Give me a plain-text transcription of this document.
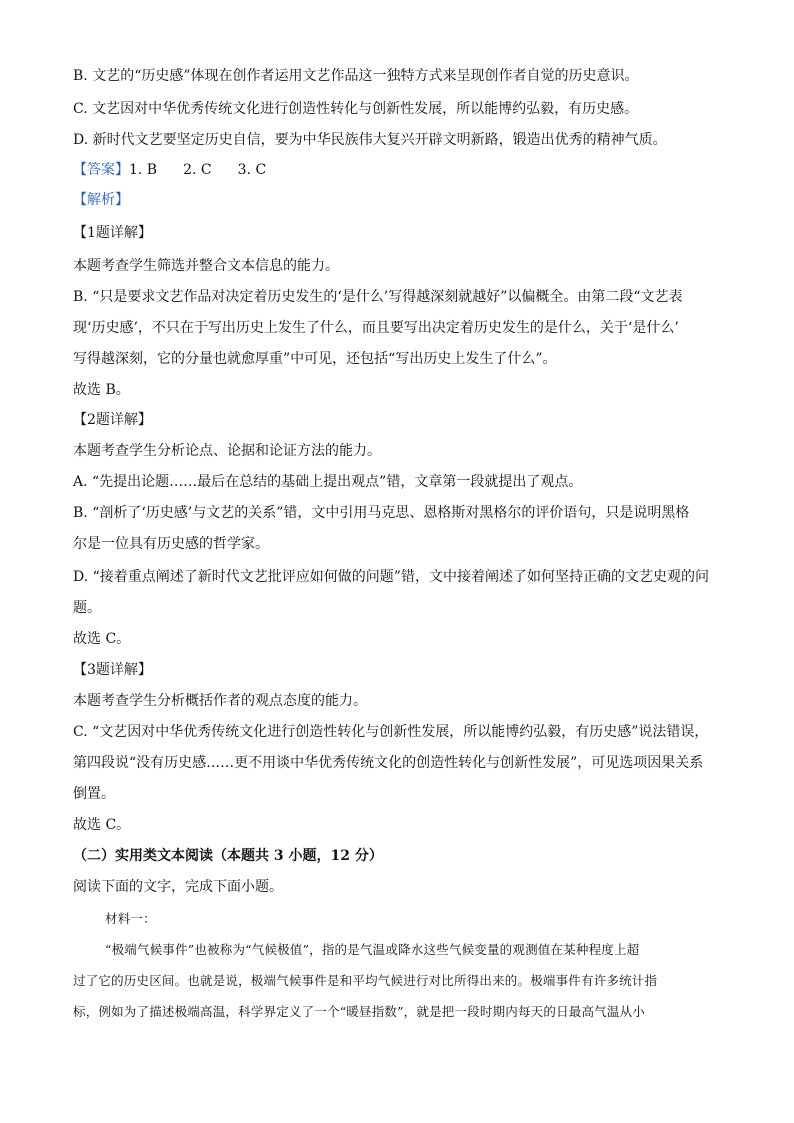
B. 文艺的“历史感”体现在创作者运用文艺作品这一独特方式来呈现创作者自觉的历史意识。
C. 文艺因对中华优秀传统文化进行创造性转化与创新性发展，所以能博约弘毅，有历史感。
D. 新时代文艺要坚定历史自信，要为中华民族伟大复兴开辟文明新路，锻造出优秀的精神气质。
【答案】1. B 2. C 3. C
【解析】
【1题详解】
本题考查学生筛选并整合文本信息的能力。
B. “只是要求文艺作品对决定着历史发生的‘是什么’写得越深刻就越好”以偏概全。由第二段“文艺表
现‘历史感’，不只在于写出历史上发生了什么，而且要写出决定着历史发生的是什么，关于‘是什么’
写得越深刻，它的分量也就愈厚重”中可见，还包括“写出历史上发生了什么”。
故选 B。
【2题详解】
本题考查学生分析论点、论据和论证方法的能力。
A. “先提出论题……最后在总结的基础上提出观点”错，文章第一段就提出了观点。
B. “剖析了‘历史感’与文艺的关系”错，文中引用马克思、恩格斯对黑格尔的评价语句，只是说明黑格
尔是一位具有历史感的哲学家。
D. “接着重点阐述了新时代文艺批评应如何做的问题”错，文中接着阐述了如何坚持正确的文艺史观的问
题。
故选 C。
【3题详解】
本题考查学生分析概括作者的观点态度的能力。
C. “文艺因对中华优秀传统文化进行创造性转化与创新性发展，所以能博约弘毅，有历史感”说法错误，
第四段说“没有历史感……更不用谈中华优秀传统文化的创造性转化与创新性发展”，可见选项因果关系
倒置。
故选 C。
（二）实用类文本阅读（本题共 3 小题，12 分）
阅读下面的文字，完成下面小题。
材料一：
“极端气候事件”也被称为“气候极值”，指的是气温或降水这些气候变量的观测值在某种程度上超
过了它的历史区间。也就是说，极端气候事件是和平均气候进行对比所得出来的。极端事件有许多统计指
标，例如为了描述极端高温，科学界定义了一个“暖昼指数”，就是把一段时期内每天的日最高气温从小
